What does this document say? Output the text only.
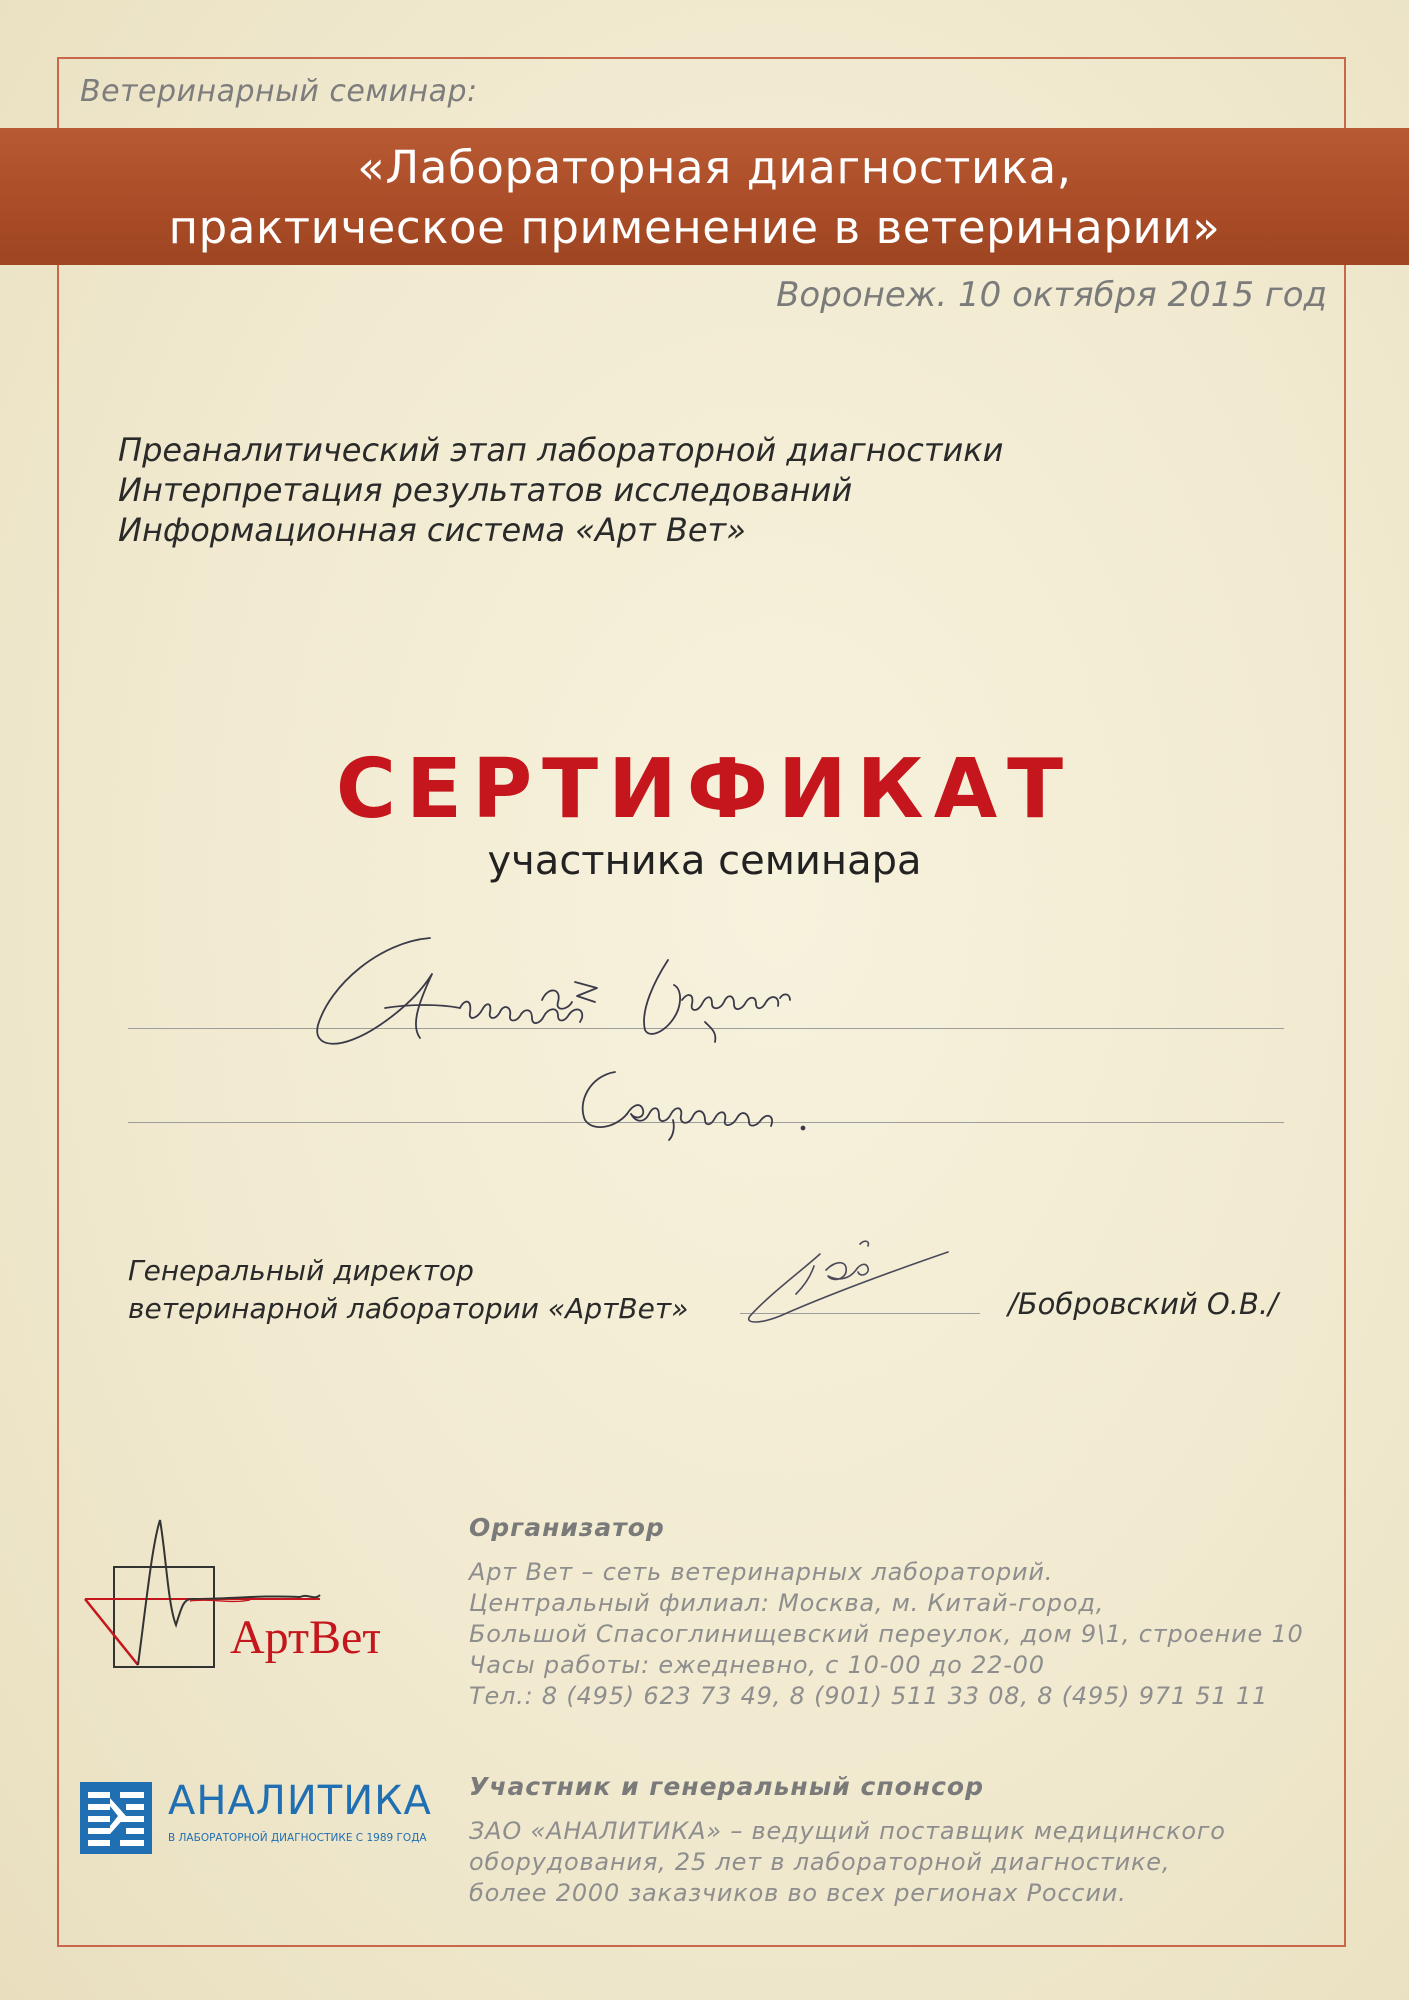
Ветеринарный семинар:
«Лабораторная диагностика,
практическое применение в ветеринарии»
Воронеж. 10 октября 2015 год
Преаналитический этап лабораторной диагностики
Интерпретация результатов исследований
Информационная система «Арт Вет»
СЕРТИФИКАТ
участника семинара
Генеральный директор
ветеринарной лаборатории «АртВет»	/Бобровский О.В./
АртВет
АНАЛИТИКА
В ЛАБОРАТОРНОЙ ДИАГНОСТИКЕ С 1989 ГОДА
Организатор
Арт Вет – сеть ветеринарных лабораторий.
Центральный филиал: Москва, м. Китай-город,
Большой Спасоглинищевский переулок, дом 9\1, строение 10
Часы работы: ежедневно, с 10-00 до 22-00
Тел.: 8 (495) 623 73 49, 8 (901) 511 33 08, 8 (495) 971 51 11
Участник и генеральный спонсор
ЗАО «АНАЛИТИКА» – ведущий поставщик медицинского
оборудования, 25 лет в лабораторной диагностике,
более 2000 заказчиков во всех регионах России.
